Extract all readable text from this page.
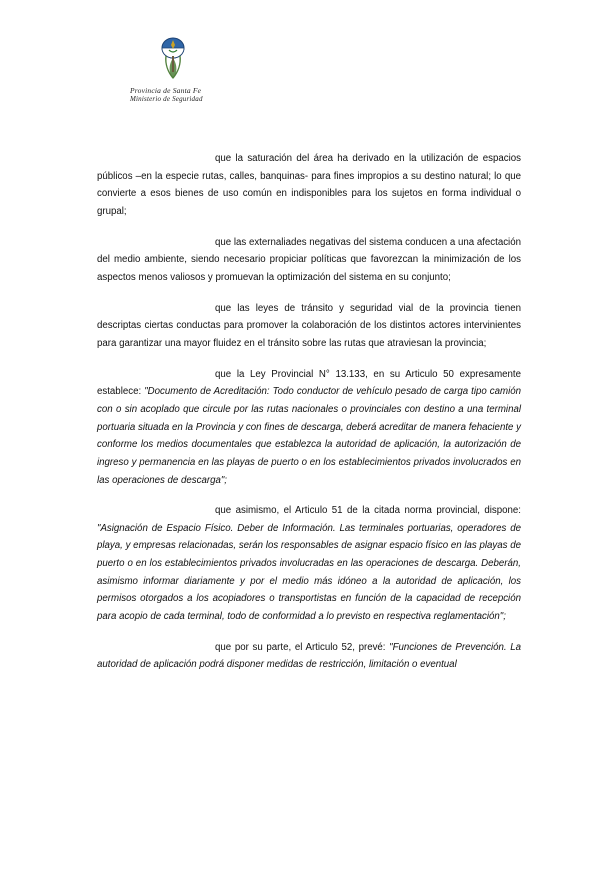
Provincia de Santa Fe
Ministerio de Seguridad

que la saturación del área ha derivado en la utilización de espacios públicos –en la especie rutas, calles, banquinas- para fines impropios a su destino natural; lo que convierte a esos bienes de uso común en indisponibles para los sujetos en forma individual o grupal;

que las externaliades negativas del sistema conducen a una afectación del medio ambiente, siendo necesario propiciar políticas que favorezcan la minimización de los aspectos menos valiosos y promuevan la optimización del sistema en su conjunto;

que las leyes de tránsito y seguridad vial de la provincia tienen descriptas ciertas conductas para promover la colaboración de los distintos actores intervinientes para garantizar una mayor fluidez en el tránsito sobre las rutas que atraviesan la provincia;

que la Ley Provincial N° 13.133, en su Articulo 50 expresamente establece: "Documento de Acreditación: Todo conductor de vehículo pesado de carga tipo camión con o sin acoplado que circule por las rutas nacionales o provinciales con destino a una terminal portuaria situada en la Provincia y con fines de descarga, deberá acreditar de manera fehaciente y conforme los medios documentales que establezca la autoridad de aplicación, la autorización de ingreso y permanencia en las playas de puerto o en los establecimientos privados involucrados en las operaciones de descarga";

que asimismo, el Articulo 51 de la citada norma provincial, dispone: "Asignación de Espacio Físico. Deber de Información. Las terminales portuarias, operadores de playa, y empresas relacionadas, serán los responsables de asignar espacio físico en las playas de puerto o en los establecimientos privados involucradas en las operaciones de descarga. Deberán, asimismo informar diariamente y por el medio más idóneo a la autoridad de aplicación, los permisos otorgados a los acopiadores o transportistas en función de la capacidad de recepción para acopio de cada terminal, todo de conformidad a lo previsto en respectiva reglamentación";

que por su parte, el Articulo 52, prevé: "Funciones de Prevención. La autoridad de aplicación podrá disponer medidas de restricción, limitación o eventual
